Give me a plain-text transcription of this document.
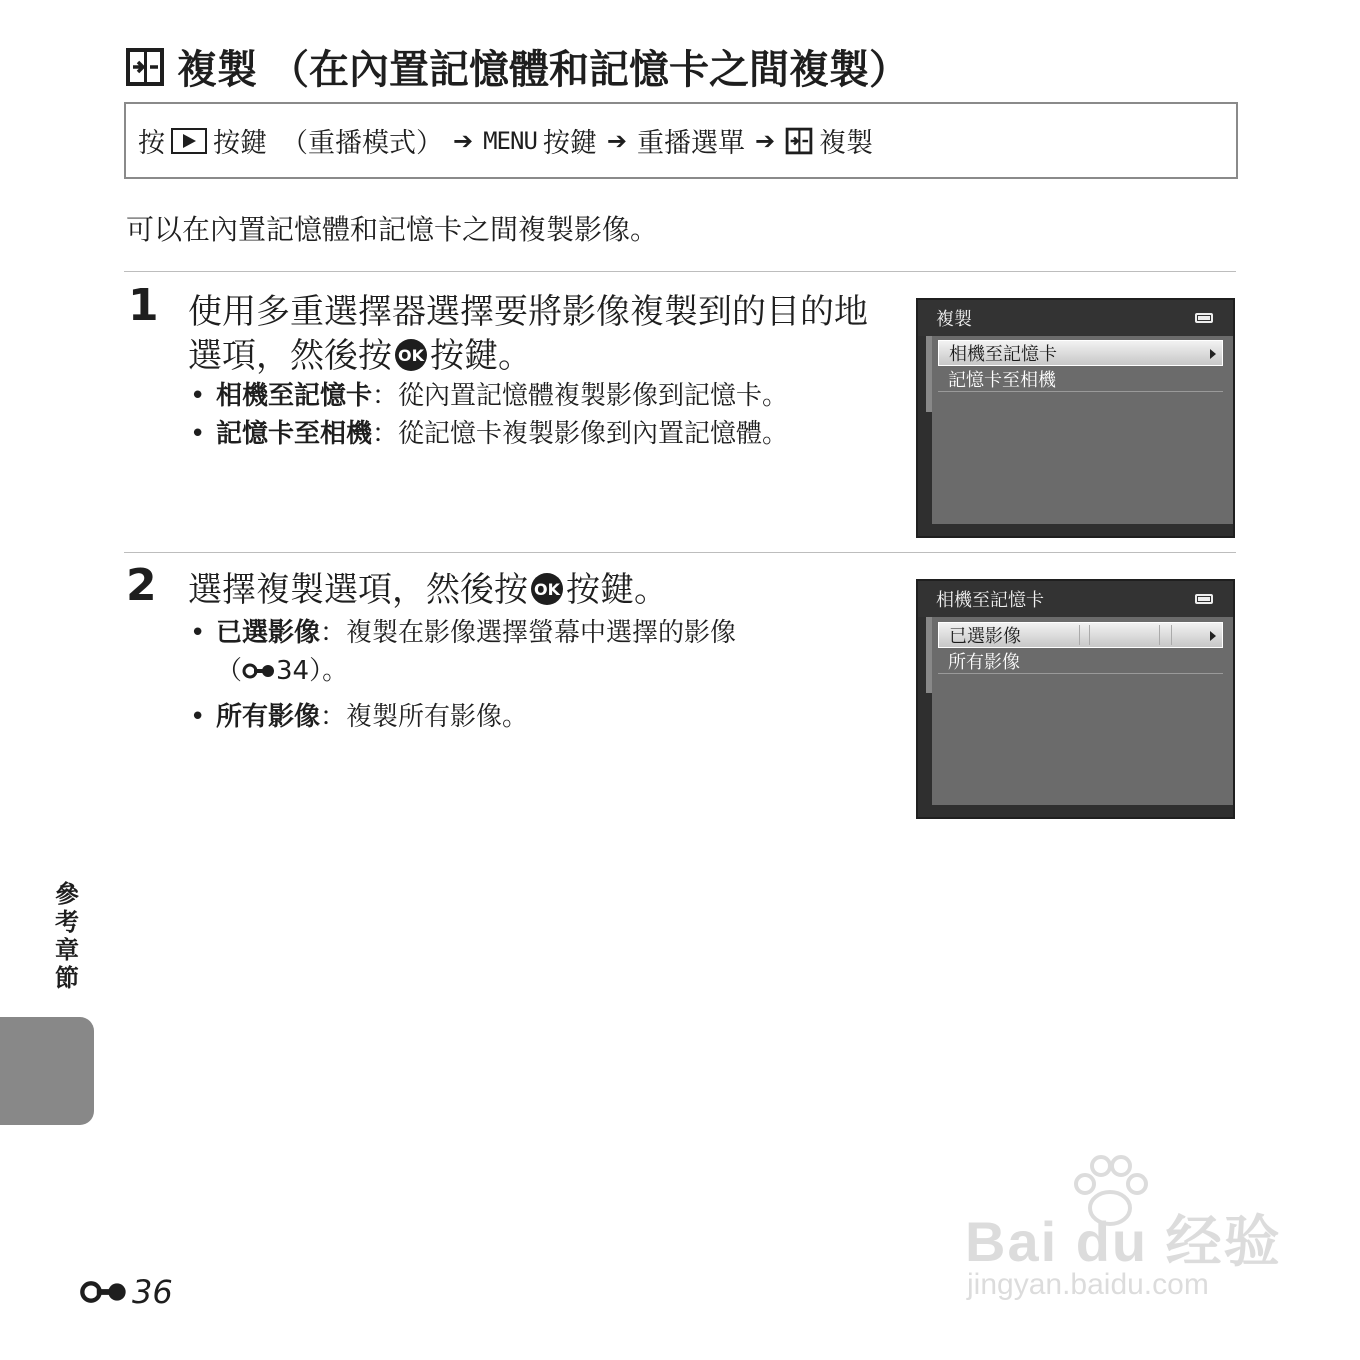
複製 （在內置記憶體和記憶卡之間複製）
按 按鍵 （重播模式） ➔ MENU 按鍵 ➔ 重播選單 ➔ 複製
可以在內置記憶體和記憶卡之間複製影像。
1 使用多重選擇器選擇要將影像複製到的目的地選項，然後按 OK 按鍵。
• 相機至記憶卡：從內置記憶體複製影像到記憶卡。
• 記憶卡至相機：從記憶卡複製影像到內置記憶體。
複製
相機至記憶卡
記憶卡至相機
2 選擇複製選項，然後按 OK 按鍵。
• 已選影像：複製在影像選擇螢幕中選擇的影像
（ 34）。
• 所有影像：複製所有影像。
相機至記憶卡
已選影像
所有影像
參考章節
36
Bai du 经验
jingyan.baidu.com
